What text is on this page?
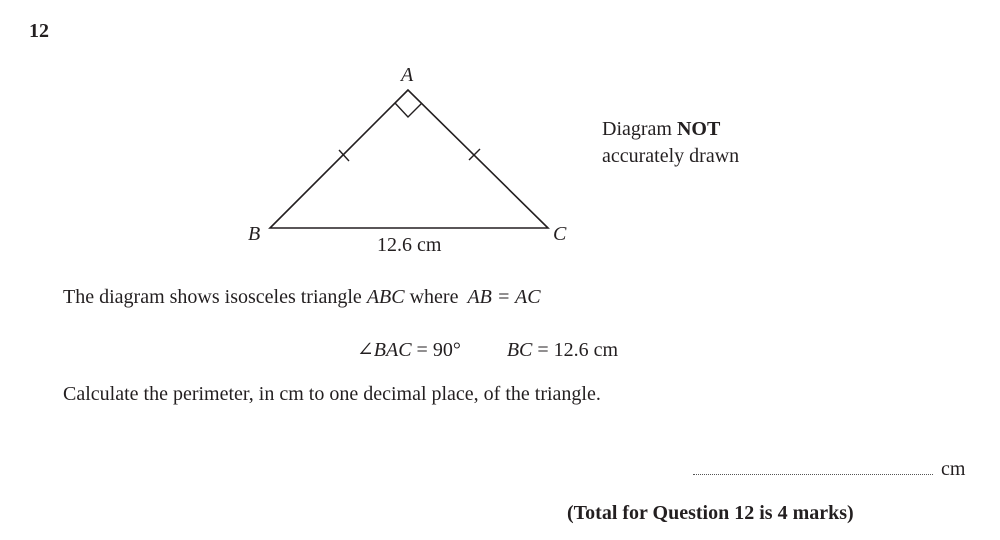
12
A
B	C
12.6 cm
Diagram NOT
accurately drawn
The diagram shows isosceles triangle ABC where AB = AC
∠BAC = 90° BC = 12.6 cm
Calculate the perimeter, in cm to one decimal place, of the triangle.
cm
(Total for Question 12 is 4 marks)
